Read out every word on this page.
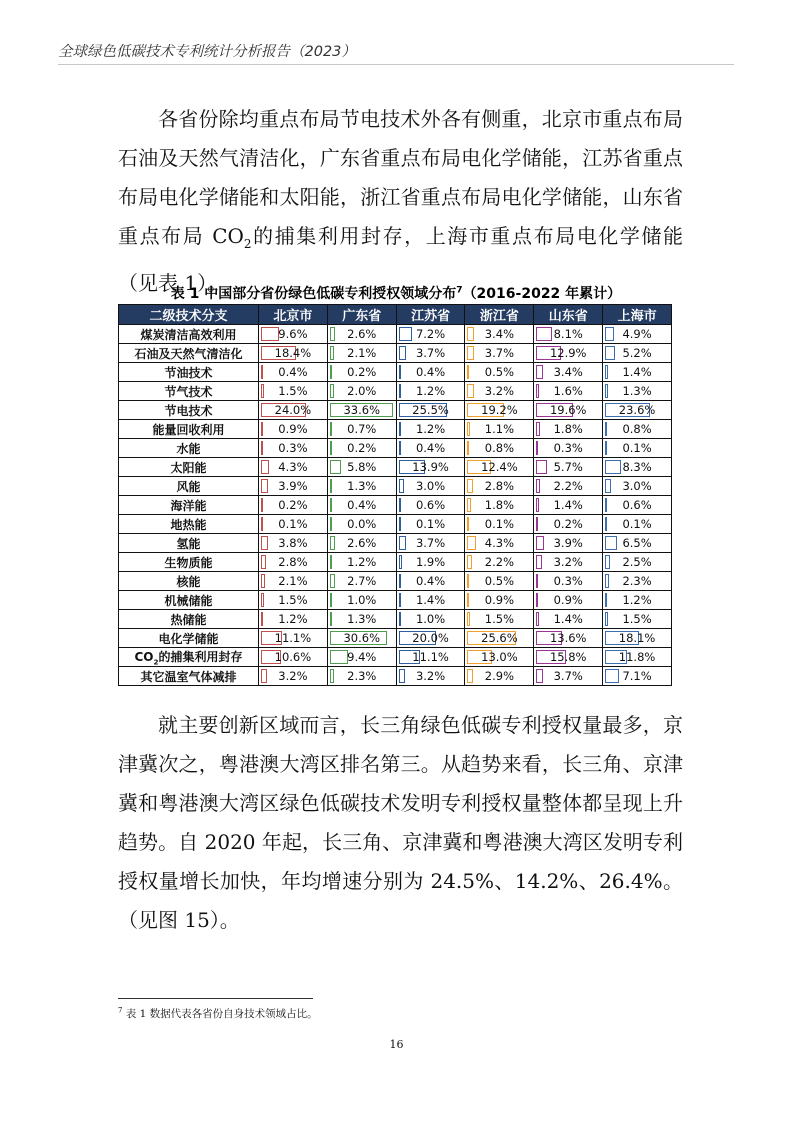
全球绿色低碳技术专利统计分析报告（2023）

各省份除均重点布局节电技术外各有侧重，北京市重点布局石油及天然气清洁化，广东省重点布局电化学储能，江苏省重点布局电化学储能和太阳能，浙江省重点布局电化学储能，山东省重点布局 $CO_2$的捕集利用封存，上海市重点布局电化学储能（见表 1）。

表 1 中国部分省份绿色低碳专利授权领域分布$^7$（2016-2022 年累计）
二级技术分支	北京市	广东省	江苏省	浙江省	山东省	上海市
煤炭清洁高效利用	9.6%	2.6%	7.2%	3.4%	8.1%	4.9%
石油及天然气清洁化	18.4%	2.1%	3.7%	3.7%	12.9%	5.2%
节油技术	0.4%	0.2%	0.4%	0.5%	3.4%	1.4%
节气技术	1.5%	2.0%	1.2%	3.2%	1.6%	1.3%
节电技术	24.0%	33.6%	25.5%	19.2%	19.6%	23.6%
能量回收利用	0.9%	0.7%	1.2%	1.1%	1.8%	0.8%
水能	0.3%	0.2%	0.4%	0.8%	0.3%	0.1%
太阳能	4.3%	5.8%	13.9%	12.4%	5.7%	8.3%
风能	3.9%	1.3%	3.0%	2.8%	2.2%	3.0%
海洋能	0.2%	0.4%	0.6%	1.8%	1.4%	0.6%
地热能	0.1%	0.0%	0.1%	0.1%	0.2%	0.1%
氢能	3.8%	2.6%	3.7%	4.3%	3.9%	6.5%
生物质能	2.8%	1.2%	1.9%	2.2%	3.2%	2.5%
核能	2.1%	2.7%	0.4%	0.5%	0.3%	2.3%
机械储能	1.5%	1.0%	1.4%	0.9%	0.9%	1.2%
热储能	1.2%	1.3%	1.0%	1.5%	1.4%	1.5%
电化学储能	11.1%	30.6%	20.0%	25.6%	13.6%	18.1%
$CO_2$的捕集利用封存	10.6%	9.4%	11.1%	13.0%	15.8%	11.8%
其它温室气体减排	3.2%	2.3%	3.2%	2.9%	3.7%	7.1%

就主要创新区域而言，长三角绿色低碳专利授权量最多，京津冀次之，粤港澳大湾区排名第三。从趋势来看，长三角、京津冀和粤港澳大湾区绿色低碳技术发明专利授权量整体都呈现上升趋势。自 2020 年起，长三角、京津冀和粤港澳大湾区发明专利授权量增长加快，年均增速分别为 24.5%、14.2%、26.4%。（见图 15）。

$^7$ 表 1 数据代表各省份自身技术领域占比。
16
